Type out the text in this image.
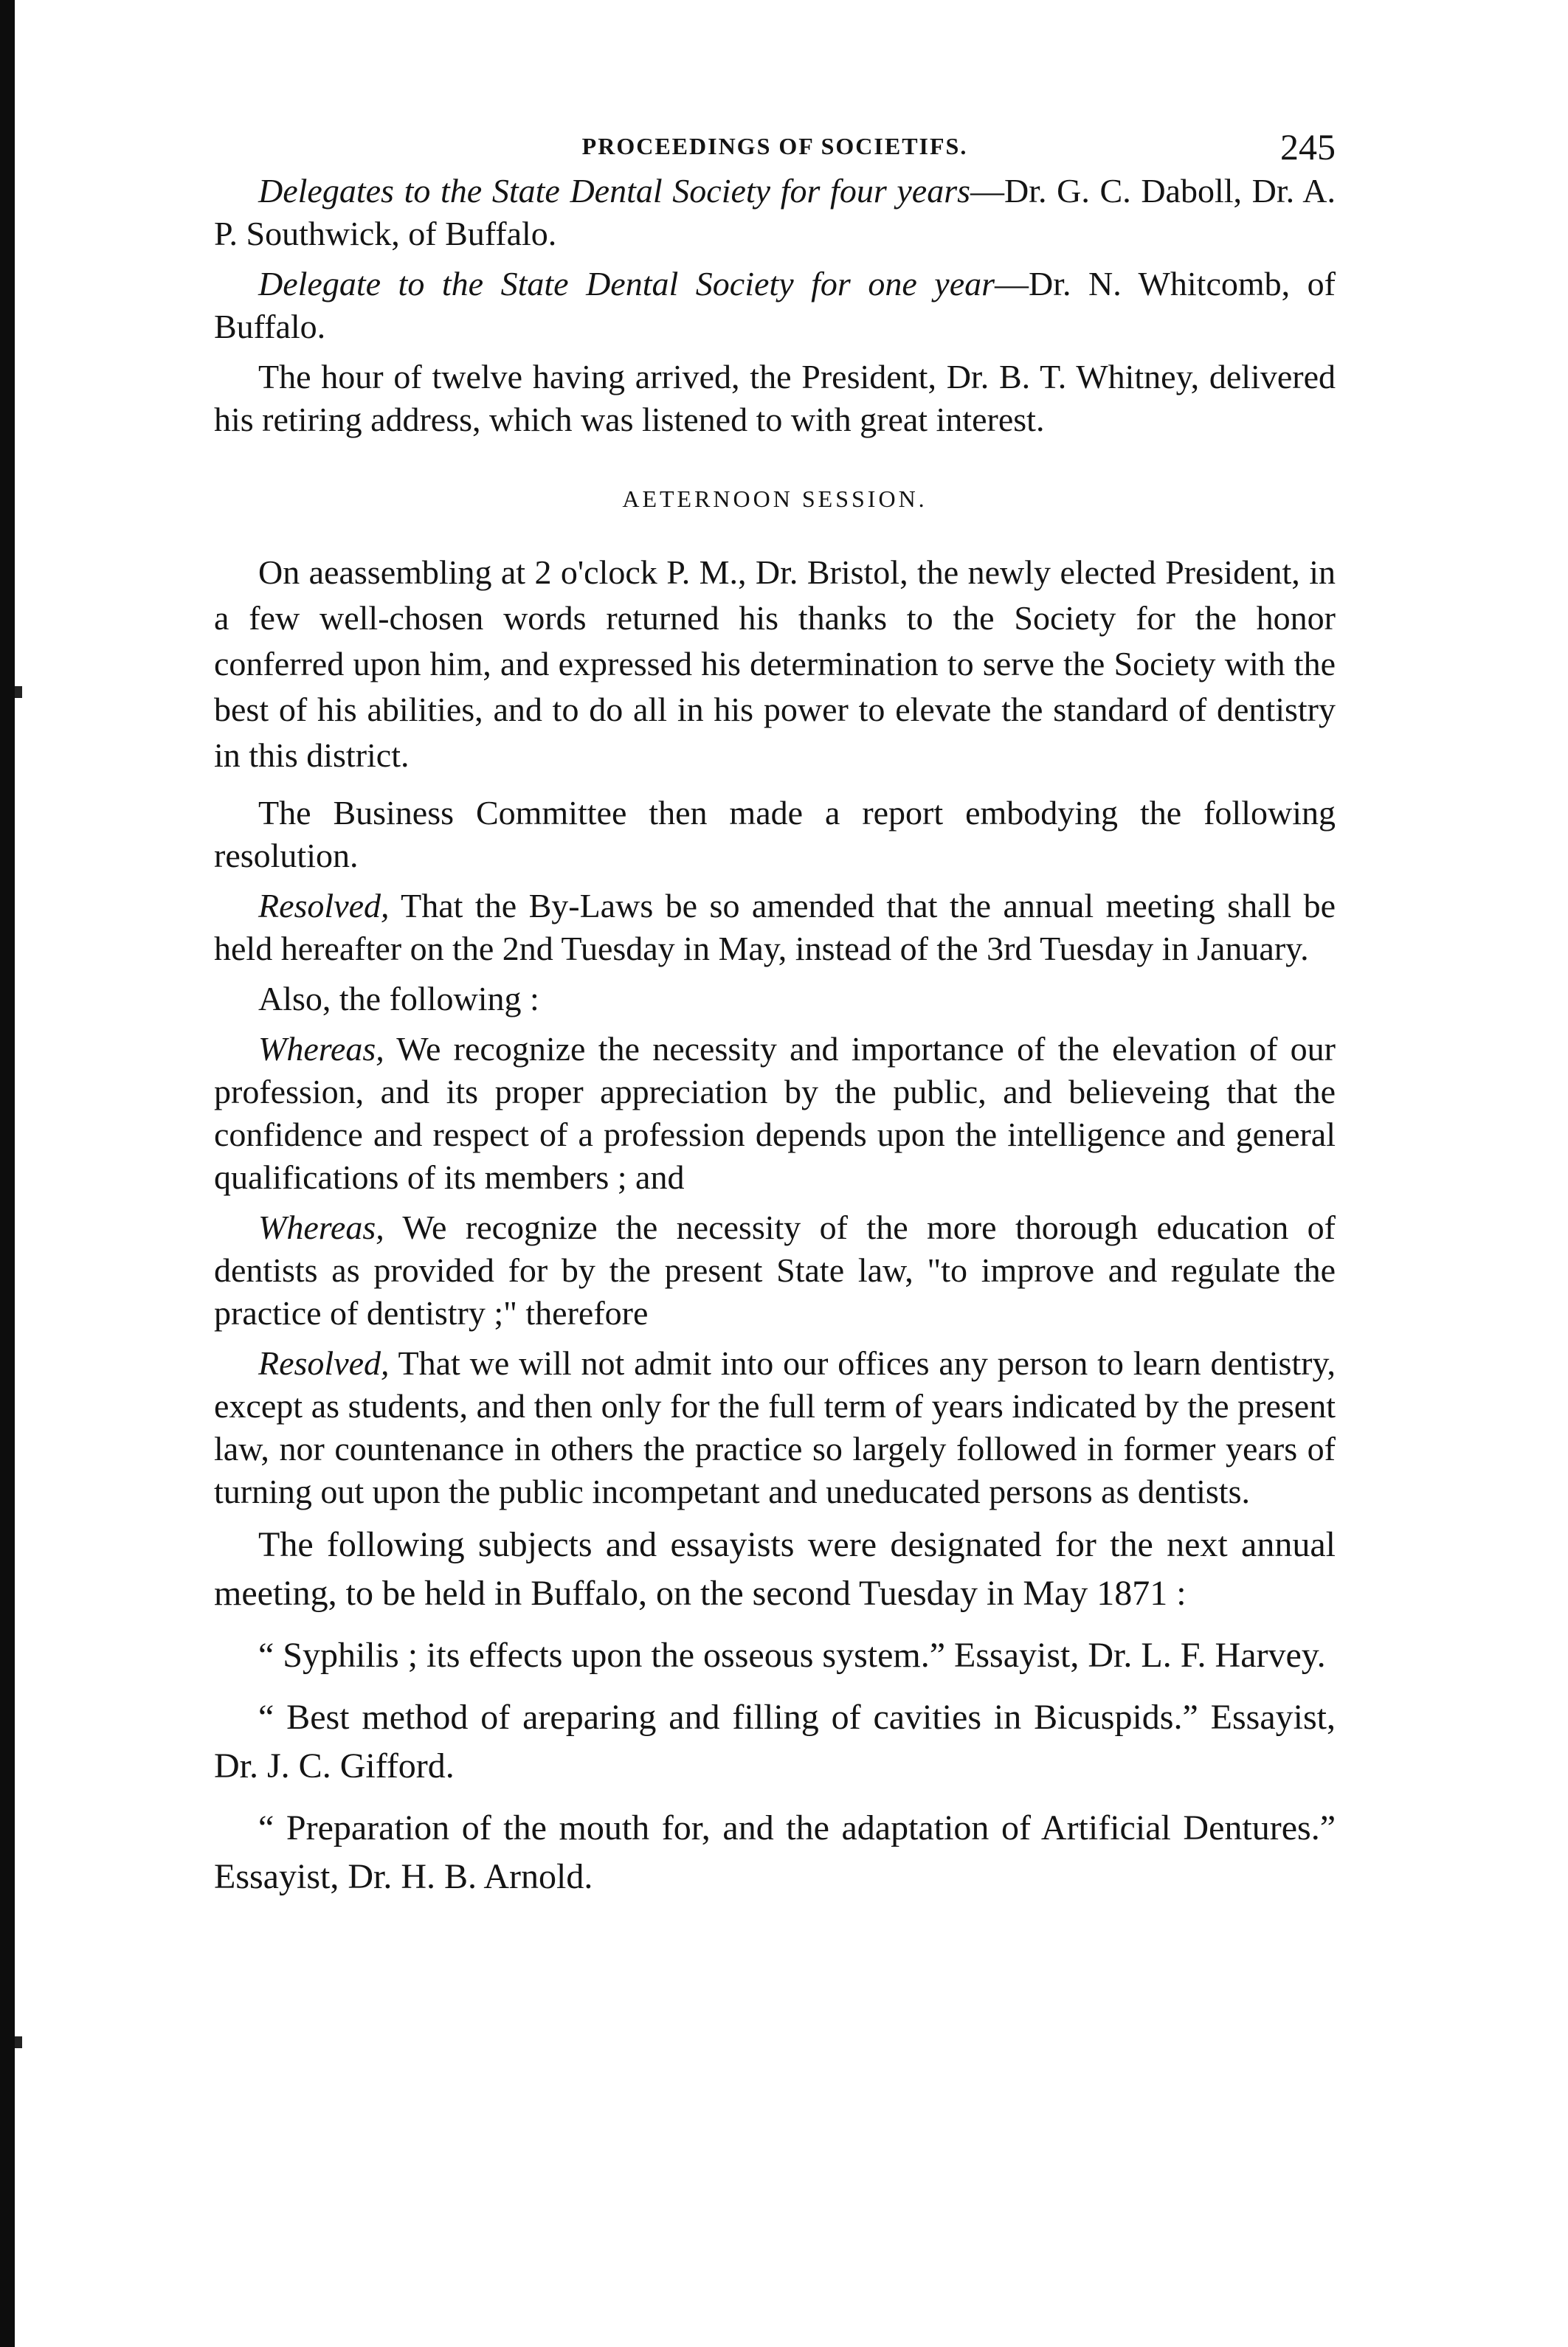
PROCEEDINGS OF SOCIETIFS.	245

Delegates to the State Dental Society for four years—Dr. G. C. Daboll, Dr. A. P. Southwick, of Buffalo.

Delegate to the State Dental Society for one year—Dr. N. Whitcomb, of Buffalo.

The hour of twelve having arrived, the President, Dr. B. T. Whitney, delivered his retiring address, which was listened to with great interest.

AETERNOON SESSION.

On aeassembling at 2 o'clock P. M., Dr. Bristol, the newly elected President, in a few well-chosen words returned his thanks to the Society for the honor conferred upon him, and expressed his determination to serve the Society with the best of his abilities, and to do all in his power to elevate the standard of dentistry in this district.

The Business Committee then made a report embodying the following resolution.

Resolved, That the By-Laws be so amended that the annual meeting shall be held hereafter on the 2nd Tuesday in May, instead of the 3rd Tuesday in January.

Also, the following :

Whereas, We recognize the necessity and importance of the elevation of our profession, and its proper appreciation by the public, and believeing that the confidence and respect of a profession depends upon the intelligence and general qualifications of its members ; and

Whereas, We recognize the necessity of the more thorough education of dentists as provided for by the present State law, "to improve and regulate the practice of dentistry ;" therefore

Resolved, That we will not admit into our offices any person to learn dentistry, except as students, and then only for the full term of years indicated by the present law, nor countenance in others the practice so largely followed in former years of turning out upon the public incompetant and uneducated persons as dentists.

The following subjects and essayists were designated for the next annual meeting, to be held in Buffalo, on the second Tuesday in May 1871 :

“ Syphilis ; its effects upon the osseous system.” Essayist, Dr. L. F. Harvey.

“ Best method of areparing and filling of cavities in Bicuspids.” Essayist, Dr. J. C. Gifford.

“ Preparation of the mouth for, and the adaptation of Artificial Dentures.” Essayist, Dr. H. B. Arnold.
